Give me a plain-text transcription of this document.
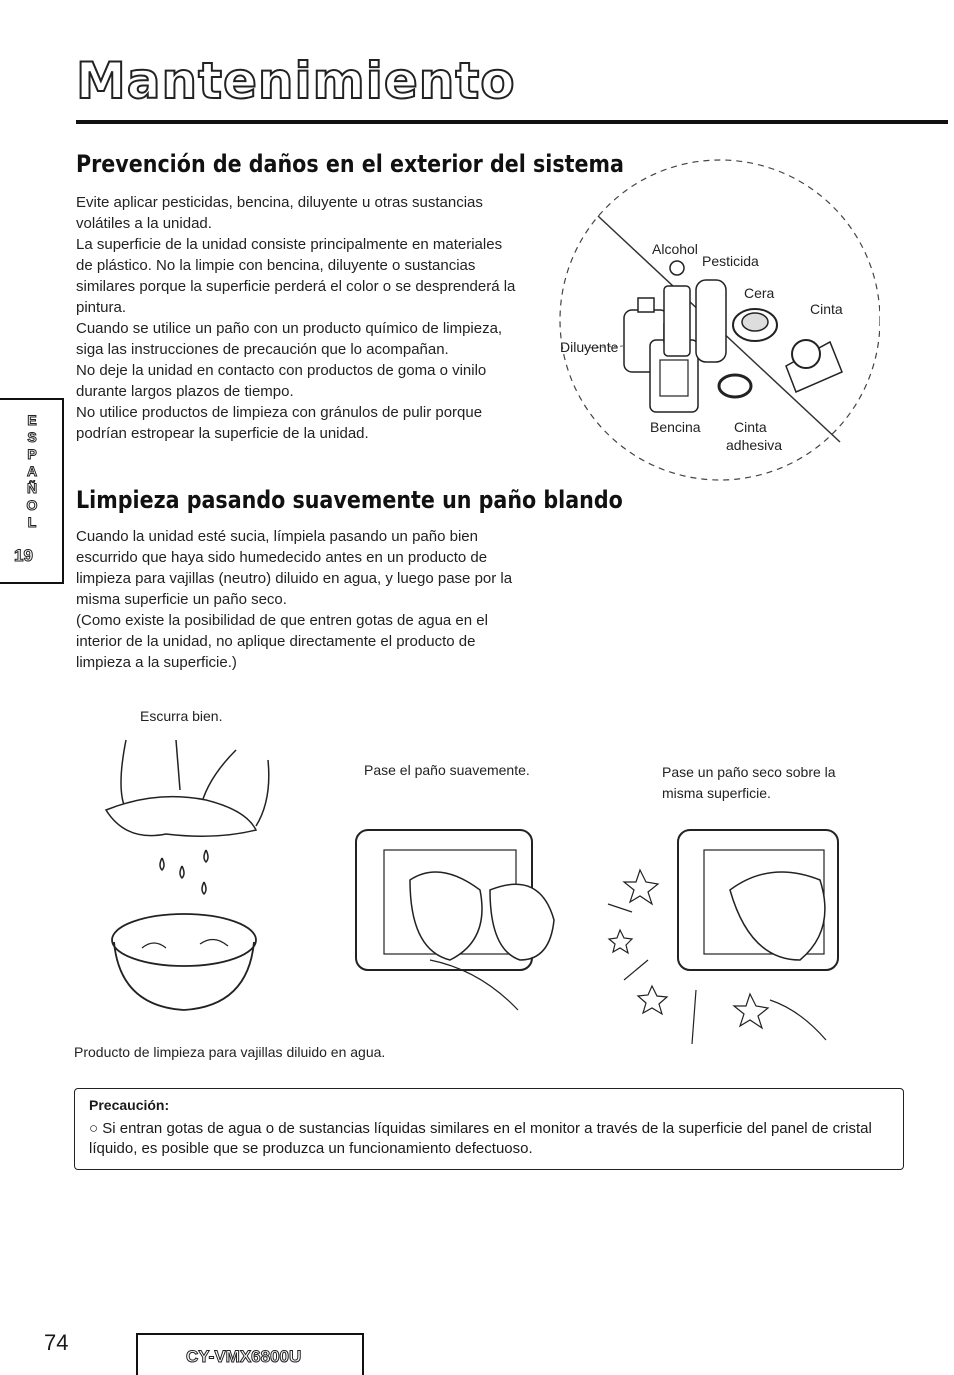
Mantenimiento
E
S
P
A
Ñ
O
L
19
Prevención de daños en el exterior del sistema

Evite aplicar pesticidas, bencina, diluyente u otras sustancias volátiles a la unidad.

La superficie de la unidad consiste principalmente en materiales de plástico. No la limpie con bencina, diluyente o sustancias similares porque la superficie perderá el color o se desprenderá la pintura.

Cuando se utilice un paño con un producto químico de limpieza, siga las instrucciones de precaución que lo acompañan.

No deje la unidad en contacto con productos de goma o vinilo durante largos plazos de tiempo.

No utilice productos de limpieza con gránulos de pulir porque podrían estropear la superficie de la unidad.

Alcohol
Pesticida
Cera
Cinta
Diluyente
Bencina Cinta
adhesiva
Limpieza pasando suavemente un paño blando

Cuando la unidad esté sucia, límpiela pasando un paño bien escurrido que haya sido humedecido antes en un producto de limpieza para vajillas (neutro) diluido en agua, y luego pase por la misma superficie un paño seco.

(Como existe la posibilidad de que entren gotas de agua en el interior de la unidad, no aplique directamente el producto de limpieza a la superficie.)

Escurra bien.
Pase el paño suavemente.	Pase un paño seco sobre la
misma superficie.
Producto de limpieza para vajillas diluido en agua.
Precaución:
○ Si entran gotas de agua o de sustancias líquidas similares en el monitor a través de la superficie del panel de cristal líquido, es posible que se produzca un funcionamiento defectuoso.
74
CY-VMX6800U
